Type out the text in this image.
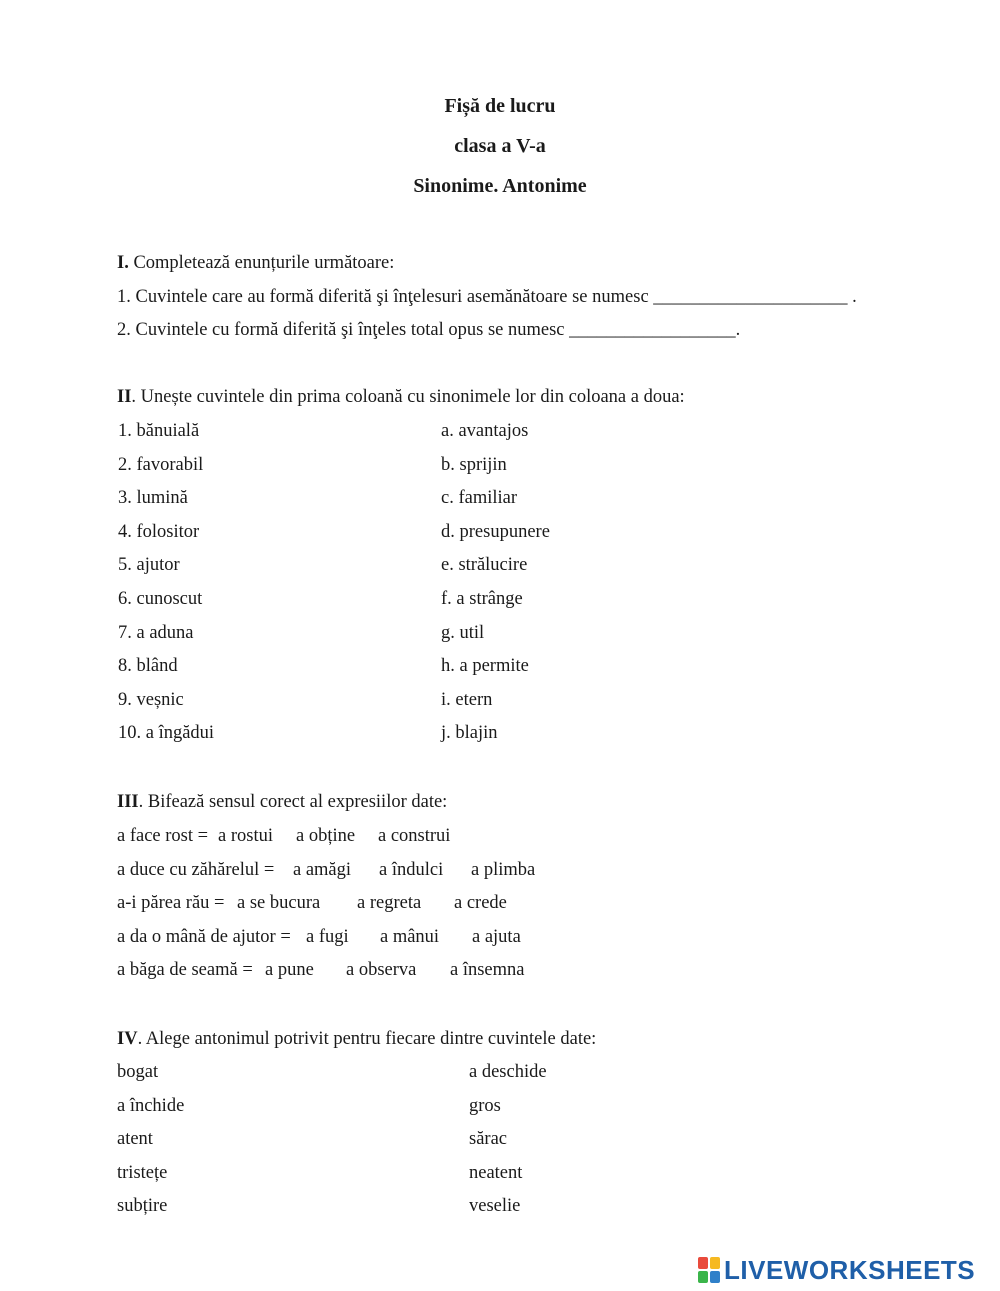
Fișă de lucru
clasa a V-a
Sinonime. Antonime
I. Completează enunțurile următoare:
1. Cuvintele care au formă diferită şi înţelesuri asemănătoare se numesc _____________________ .
2. Cuvintele cu formă diferită şi înţeles total opus se numesc __________________.
II. Unește cuvintele din prima coloană cu sinonimele lor din coloana a doua:
1. bănuială
2. favorabil
3. lumină
4. folositor
5. ajutor
6. cunoscut
7. a aduna
8. blând
9. veșnic
10. a îngădui
a. avantajos
b. sprijin
c. familiar
d. presupunere
e. strălucire
f. a strânge
g. util
h. a permite
i. etern
j. blajin
III. Bifează sensul corect al expresiilor date:
a face rost = a rostui a obține a construi
a duce cu zăhărelul = a amăgi a îndulci a plimba
a-i părea rău = a se bucura a regreta a crede
a da o mână de ajutor = a fugi a mânui a ajuta
a băga de seamă = a pune a observa a însemna
IV. Alege antonimul potrivit pentru fiecare dintre cuvintele date:
bogat
a închide
atent
tristețe
subțire
a deschide
gros
sărac
neatent
veselie
LIVEWORKSHEETS
